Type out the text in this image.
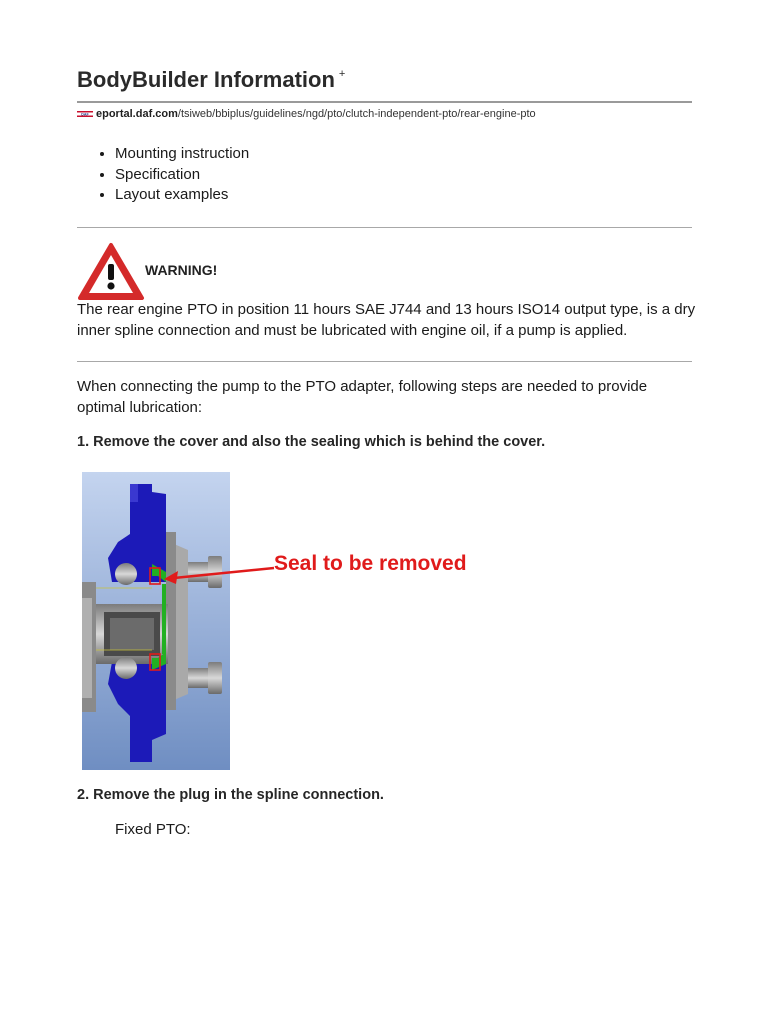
BodyBuilder Information +
DAF eportal.daf.com /tsiweb/bbiplus/guidelines/ngd/pto/clutch-independent-pto/rear-engine-pto
• Mounting instruction
• Specification
• Layout examples
WARNING!

The rear engine PTO in position 11 hours SAE J744 and 13 hours ISO14 output type, is a dry inner spline connection and must be lubricated with engine oil, if a pump is applied.

When connecting the pump to the PTO adapter, following steps are needed to provide optimal lubrication:

1. Remove the cover and also the sealing which is behind the cover.

Seal to be removed

2. Remove the plug in the spline connection.

Fixed PTO:
